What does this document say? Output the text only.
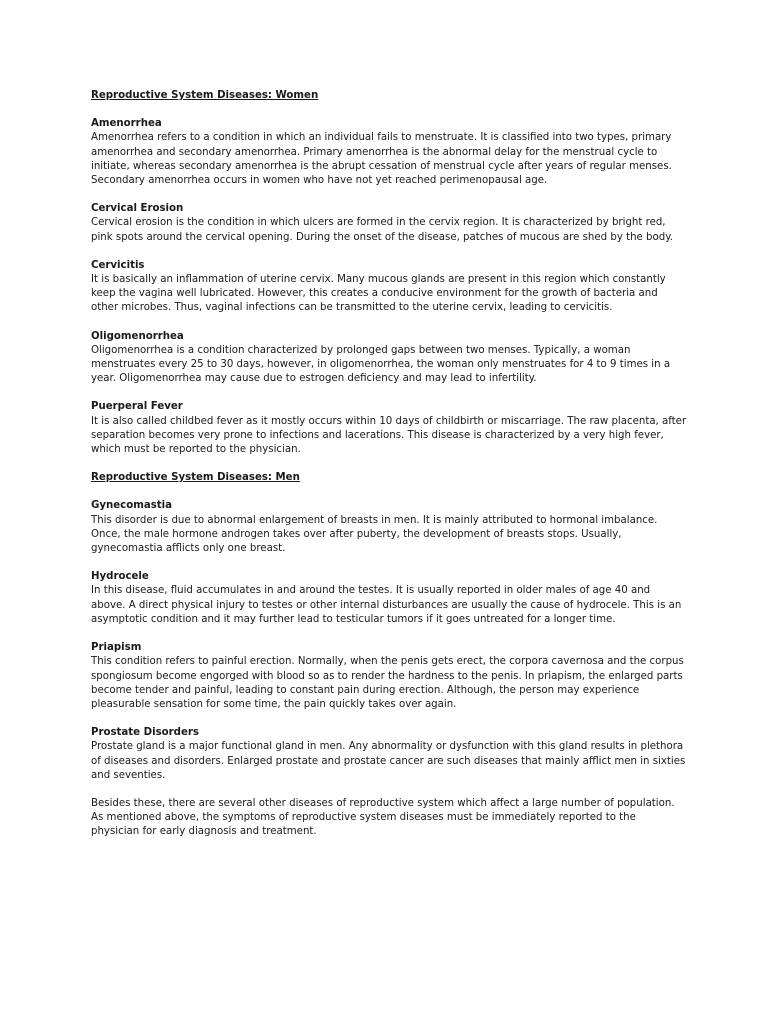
Reproductive System Diseases: Women

Amenorrhea

Amenorrhea refers to a condition in which an individual fails to menstruate. It is classified into two types, primary amenorrhea and secondary amenorrhea. Primary amenorrhea is the abnormal delay for the menstrual cycle to initiate, whereas secondary amenorrhea is the abrupt cessation of menstrual cycle after years of regular menses. Secondary amenorrhea occurs in women who have not yet reached perimenopausal age.

Cervical Erosion

Cervical erosion is the condition in which ulcers are formed in the cervix region. It is characterized by bright red, pink spots around the cervical opening. During the onset of the disease, patches of mucous are shed by the body.

Cervicitis

It is basically an inflammation of uterine cervix. Many mucous glands are present in this region which constantly keep the vagina well lubricated. However, this creates a conducive environment for the growth of bacteria and other microbes. Thus, vaginal infections can be transmitted to the uterine cervix, leading to cervicitis.

Oligomenorrhea

Oligomenorrhea is a condition characterized by prolonged gaps between two menses. Typically, a woman menstruates every 25 to 30 days, however, in oligomenorrhea, the woman only menstruates for 4 to 9 times in a year. Oligomenorrhea may cause due to estrogen deficiency and may lead to infertility.

Puerperal Fever

It is also called childbed fever as it mostly occurs within 10 days of childbirth or miscarriage. The raw placenta, after separation becomes very prone to infections and lacerations. This disease is characterized by a very high fever, which must be reported to the physician.

Reproductive System Diseases: Men

Gynecomastia

This disorder is due to abnormal enlargement of breasts in men. It is mainly attributed to hormonal imbalance. Once, the male hormone androgen takes over after puberty, the development of breasts stops. Usually, gynecomastia afflicts only one breast.

Hydrocele

In this disease, fluid accumulates in and around the testes. It is usually reported in older males of age 40 and above. A direct physical injury to testes or other internal disturbances are usually the cause of hydrocele. This is an asymptotic condition and it may further lead to testicular tumors if it goes untreated for a longer time.

Priapism

This condition refers to painful erection. Normally, when the penis gets erect, the corpora cavernosa and the corpus spongiosum become engorged with blood so as to render the hardness to the penis. In priapism, the enlarged parts become tender and painful, leading to constant pain during erection. Although, the person may experience pleasurable sensation for some time, the pain quickly takes over again.

Prostate Disorders

Prostate gland is a major functional gland in men. Any abnormality or dysfunction with this gland results in plethora of diseases and disorders. Enlarged prostate and prostate cancer are such diseases that mainly afflict men in sixties and seventies.

Besides these, there are several other diseases of reproductive system which affect a large number of population. As mentioned above, the symptoms of reproductive system diseases must be immediately reported to the physician for early diagnosis and treatment.
